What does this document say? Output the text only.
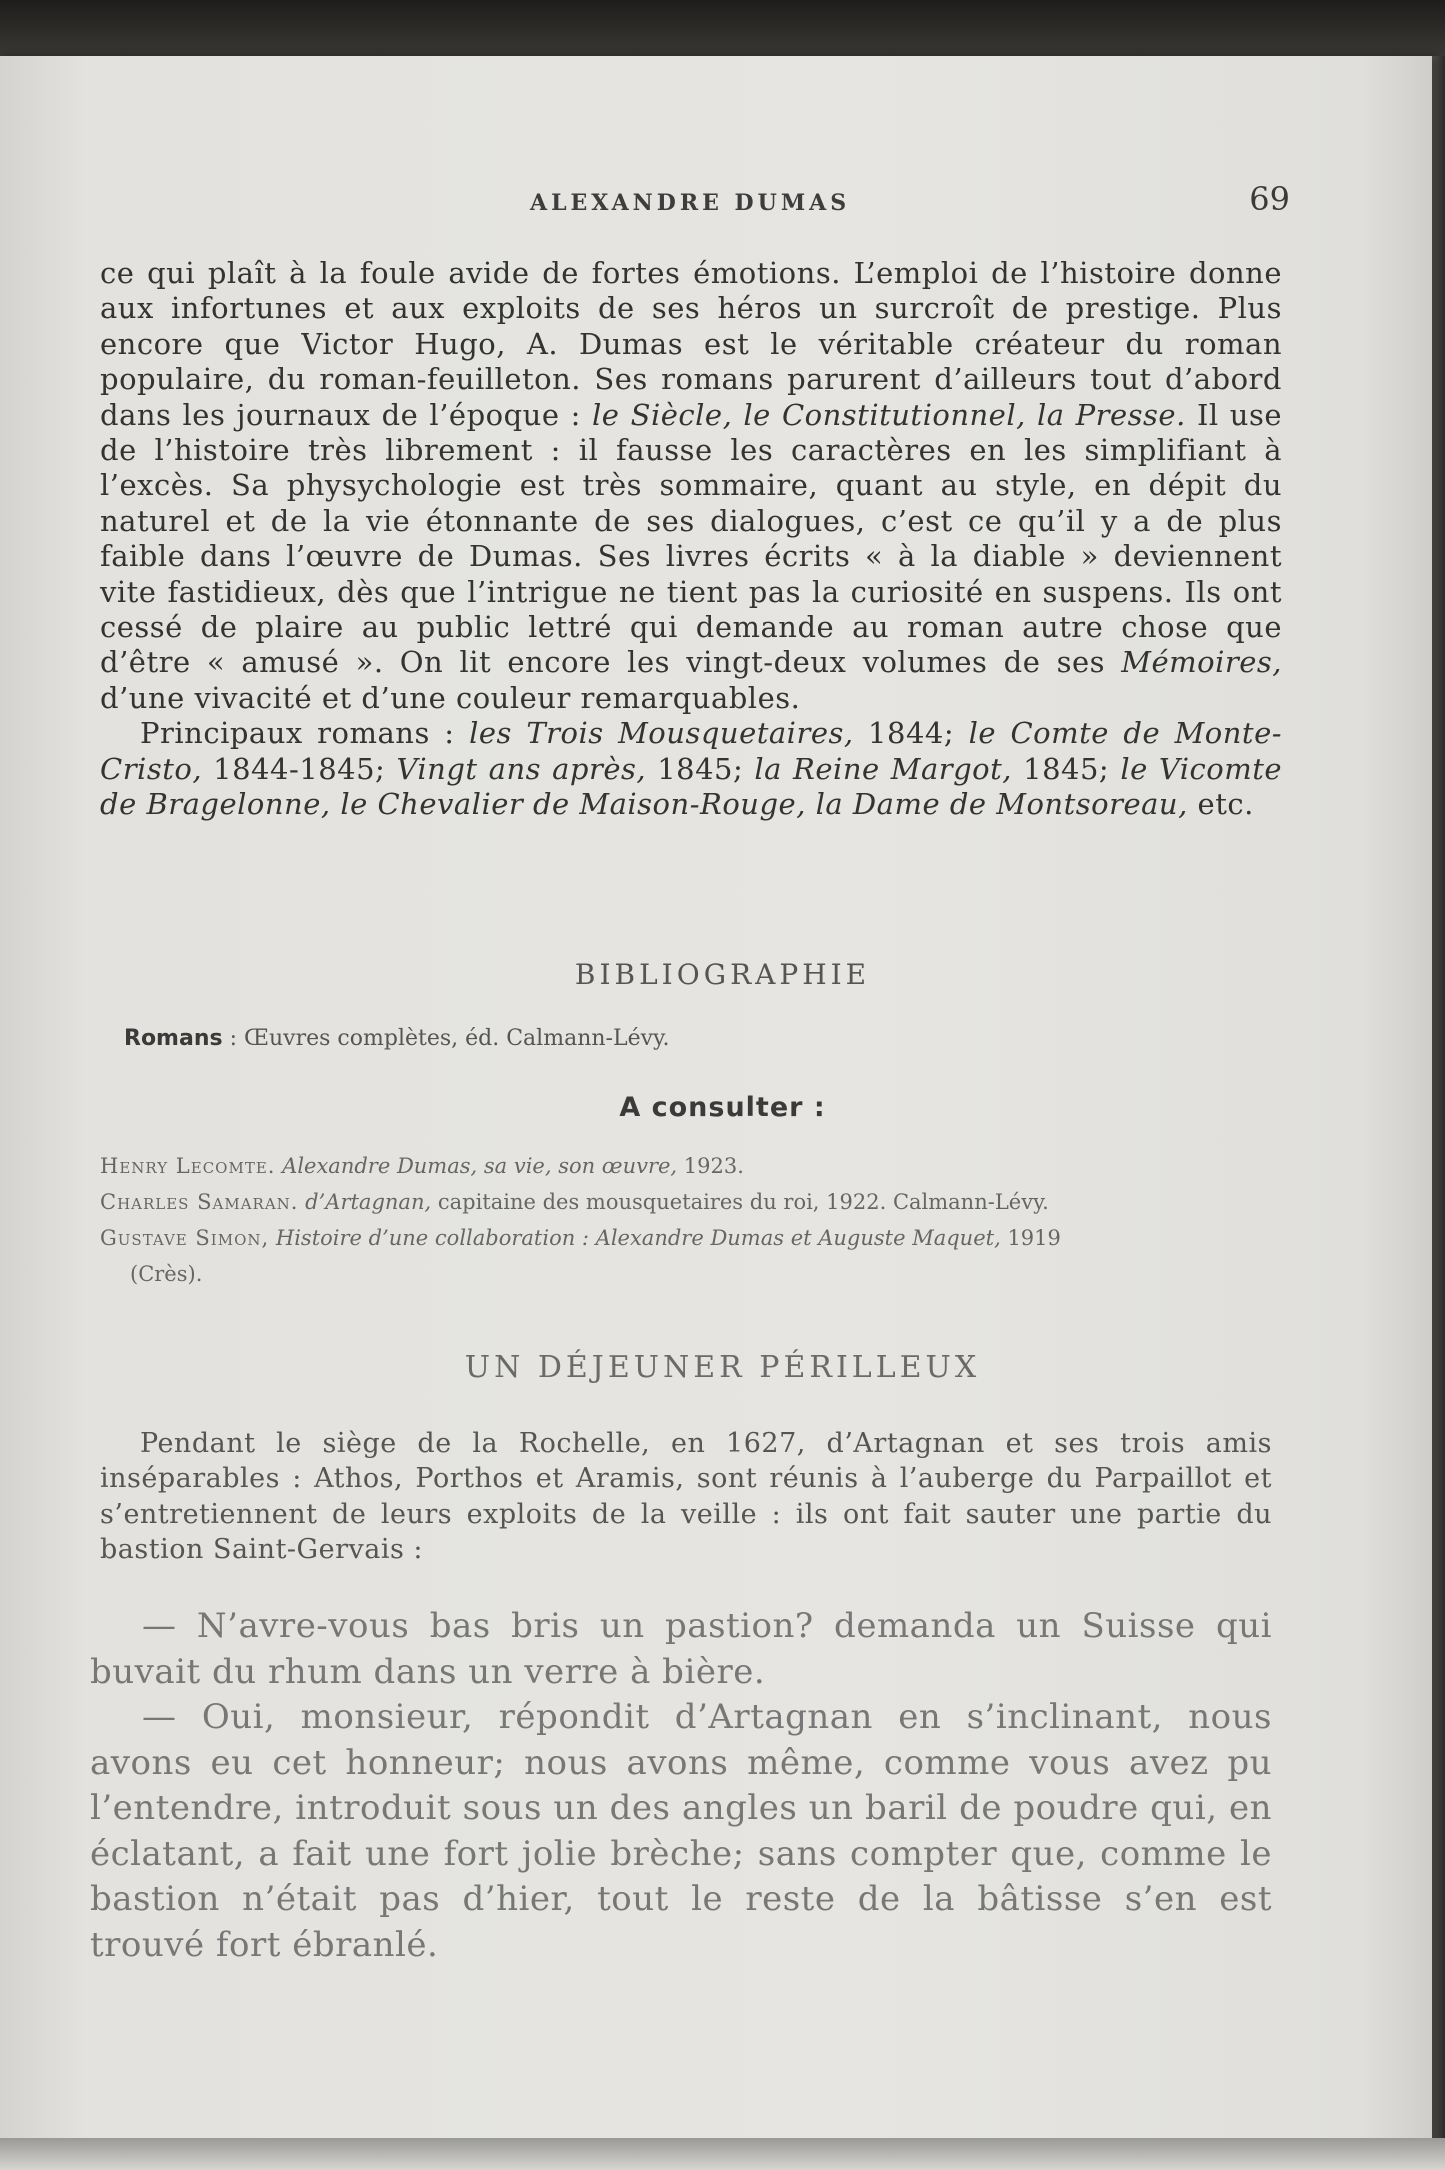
ALEXANDRE DUMAS	69

ce qui plaît à la foule avide de fortes émotions. L’emploi de l’histoire donne aux infortunes et aux exploits de ses héros un surcroît de prestige. Plus encore que Victor Hugo, A. Dumas est le véritable créateur du roman populaire, du roman-feuilleton. Ses romans parurent d’ailleurs tout d’abord dans les journaux de l’époque : le Siècle, le Constitutionnel, la Presse. Il use de l’histoire très librement : il fausse les caractères en les simplifiant à l’excès. Sa physychologie est très sommaire, quant au style, en dépit du naturel et de la vie étonnante de ses dialogues, c’est ce qu’il y a de plus faible dans l’œuvre de Dumas. Ses livres écrits « à la diable » deviennent vite fastidieux, dès que l’intrigue ne tient pas la curiosité en suspens. Ils ont cessé de plaire au public lettré qui demande au roman autre chose que d’être « amusé ». On lit encore les vingt-deux volumes de ses Mémoires, d’une vivacité et d’une couleur remarquables.

Principaux romans : les Trois Mousquetaires, 1844; le Comte de Monte-Cristo, 1844-1845; Vingt ans après, 1845; la Reine Margot, 1845; le Vicomte de Bragelonne, le Chevalier de Maison-Rouge, la Dame de Montsoreau, etc.

BIBLIOGRAPHIE
Romans : Œuvres complètes, éd. Calmann-Lévy.
A consulter :

Henry Lecomte. Alexandre Dumas, sa vie, son œuvre, 1923.

Charles Samaran. d’Artagnan, capitaine des mousquetaires du roi, 1922. Calmann-Lévy.

Gustave Simon, Histoire d’une collaboration : Alexandre Dumas et Auguste Maquet, 1919
(Crès).

UN DÉJEUNER PÉRILLEUX

Pendant le siège de la Rochelle, en 1627, d’Artagnan et ses trois amis inséparables : Athos, Porthos et Aramis, sont réunis à l’auberge du Parpaillot et s’entretiennent de leurs exploits de la veille : ils ont fait sauter une partie du bastion Saint-Gervais :

— N’avre-vous bas bris un pastion? demanda un Suisse qui buvait du rhum dans un verre à bière.

— Oui, monsieur, répondit d’Artagnan en s’inclinant, nous avons eu cet honneur; nous avons même, comme vous avez pu l’entendre, introduit sous un des angles un baril de poudre qui, en éclatant, a fait une fort jolie brèche; sans compter que, comme le bastion n’était pas d’hier, tout le reste de la bâtisse s’en est trouvé fort ébranlé.
